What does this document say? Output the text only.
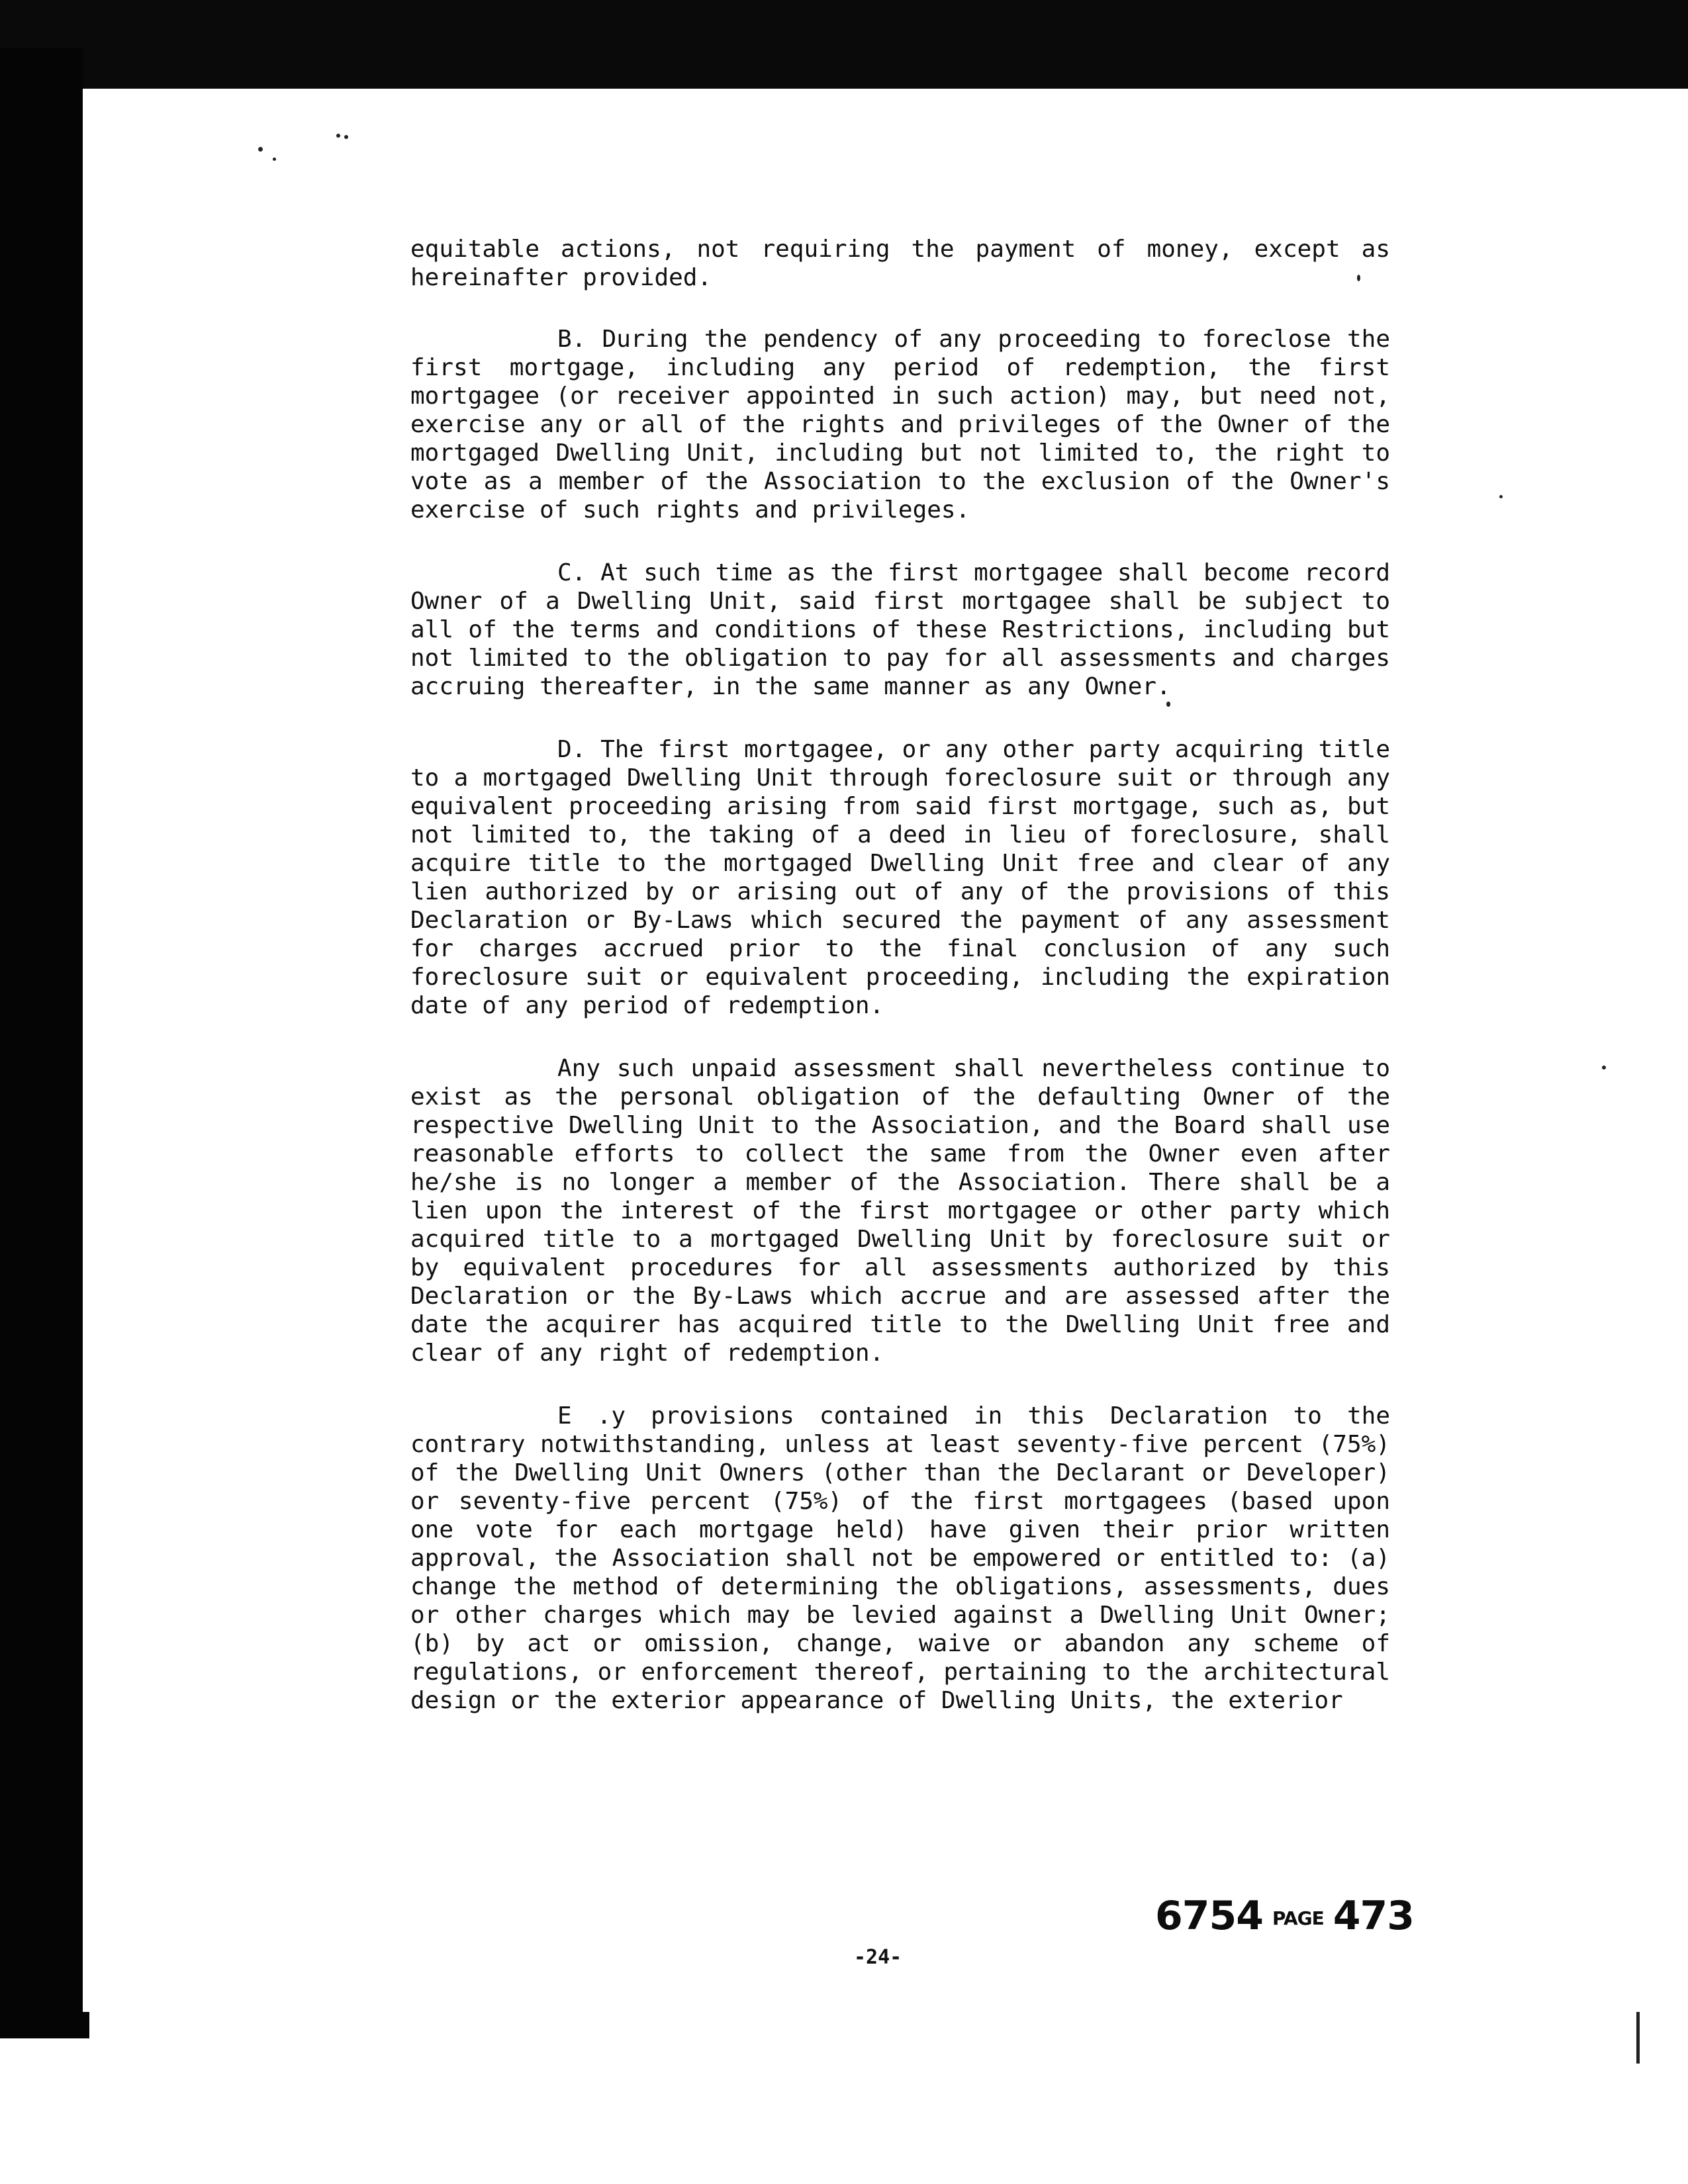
equitable actions, not requiring the payment of money, except as hereinafter provided.

B. During the pendency of any proceeding to foreclose the first mortgage, including any period of redemption, the first mortgagee (or receiver appointed in such action) may, but need not, exercise any or all of the rights and privileges of the Owner of the mortgaged Dwelling Unit, including but not limited to, the right to vote as a member of the Association to the exclusion of the Owner's exercise of such rights and privileges.

C. At such time as the first mortgagee shall become record Owner of a Dwelling Unit, said first mortgagee shall be subject to all of the terms and conditions of these Restrictions, including but not limited to the obligation to pay for all assessments and charges accruing thereafter, in the same manner as any Owner.

D. The first mortgagee, or any other party acquiring title to a mortgaged Dwelling Unit through foreclosure suit or through any equivalent proceeding arising from said first mortgage, such as, but not limited to, the taking of a deed in lieu of foreclosure, shall acquire title to the mortgaged Dwelling Unit free and clear of any lien authorized by or arising out of any of the provisions of this Declaration or By-Laws which secured the payment of any assessment for charges accrued prior to the final conclusion of any such foreclosure suit or equivalent proceeding, including the expiration date of any period of redemption.

Any such unpaid assessment shall nevertheless continue to exist as the personal obligation of the defaulting Owner of the respective Dwelling Unit to the Association, and the Board shall use reasonable efforts to collect the same from the Owner even after he/she is no longer a member of the Association. There shall be a lien upon the interest of the first mortgagee or other party which acquired title to a mortgaged Dwelling Unit by foreclosure suit or by equivalent procedures for all assessments authorized by this Declaration or the By-Laws which accrue and are assessed after the date the acquirer has acquired title to the Dwelling Unit free and clear of any right of redemption.

E .y provisions contained in this Declaration to the contrary notwithstanding, unless at least seventy-five percent (75%) of the Dwelling Unit Owners (other than the Declarant or Developer) or seventy-five percent (75%) of the first mortgagees (based upon one vote for each mortgage held) have given their prior written approval, the Association shall not be empowered or entitled to: (a) change the method of determining the obligations, assessments, dues or other charges which may be levied against a Dwelling Unit Owner; (b) by act or omission, change, waive or abandon any scheme of regulations, or enforcement thereof, pertaining to the architectural design or the exterior appearance of Dwelling Units, the exterior

6754 PAGE 473
-24-
